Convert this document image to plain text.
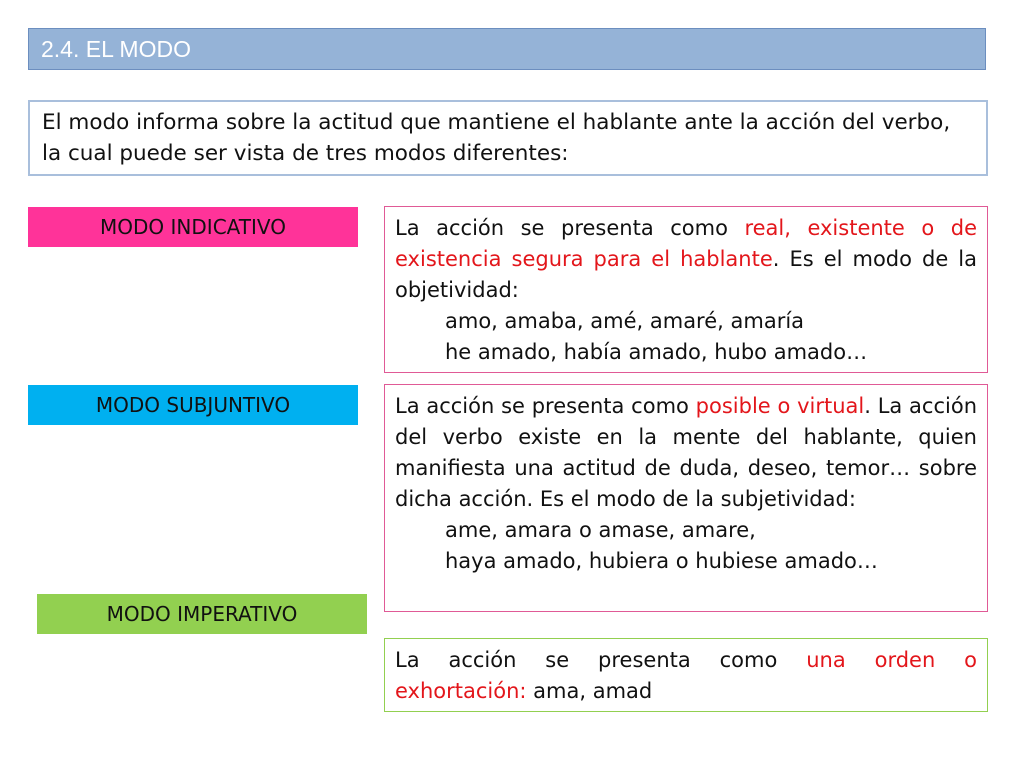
2.4. EL MODO
El modo informa sobre la actitud que mantiene el hablante ante la acción del verbo, la cual puede ser vista de tres modos diferentes:
MODO INDICATIVO	La acción se presenta como real, existente o de existencia segura para el hablante. Es el modo de la objetividad:
amo, amaba, amé, amaré, amaría
he amado, había amado, hubo amado…
MODO SUBJUNTIVO	La acción se presenta como posible o virtual. La acción del verbo existe en la mente del hablante, quien manifiesta una actitud de duda, deseo, temor… sobre dicha acción. Es el modo de la subjetividad:
ame, amara o amase, amare,
haya amado, hubiera o hubiese amado…
MODO IMPERATIVO
La acción se presenta como una orden o
exhortación: ama, amad
